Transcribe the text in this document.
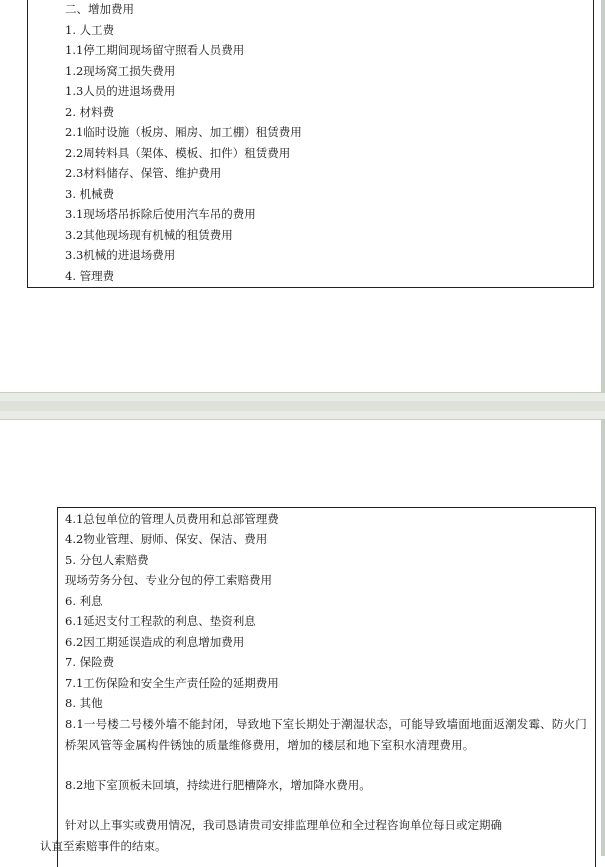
二、增加费用
1. 人工费
1.1停工期间现场留守照看人员费用
1.2现场窝工损失费用
1.3人员的进退场费用
2. 材料费
2.1临时设施（板房、厢房、加工棚）租赁费用
2.2周转料具（架体、模板、扣件）租赁费用
2.3材料储存、保管、维护费用
3. 机械费
3.1现场塔吊拆除后使用汽车吊的费用
3.2其他现场现有机械的租赁费用
3.3机械的进退场费用
4. 管理费
4.1总包单位的管理人员费用和总部管理费
4.2物业管理、厨师、保安、保洁、费用
5. 分包人索赔费
现场劳务分包、专业分包的停工索赔费用
6. 利息
6.1延迟支付工程款的利息、垫资利息
6.2因工期延误造成的利息增加费用
7. 保险费
7.1工伤保险和安全生产责任险的延期费用
8. 其他
8.1一号楼二号楼外墙不能封闭，导致地下室长期处于潮湿状态，可能导致墙面地面返潮发霉、防火门桥架风管等金属构件锈蚀的质量维修费用，增加的楼层和地下室积水清理费用。
8.2地下室顶板未回填，持续进行肥槽降水，增加降水费用。
针对以上事实或费用情况，我司恳请贵司安排监理单位和全过程咨询单位每日或定期确
认直至索赔事件的结束。
